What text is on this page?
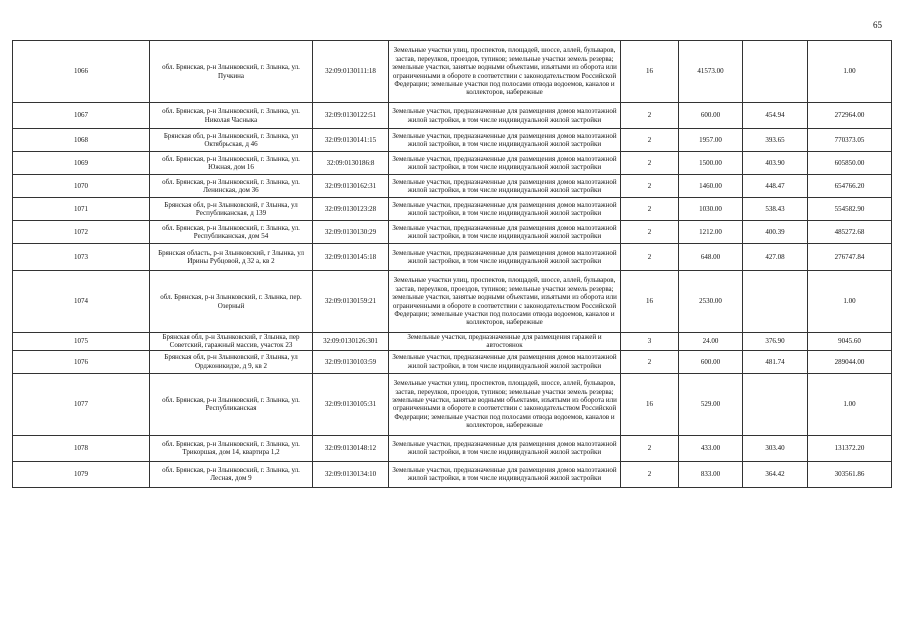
65
1066	обл. Брянская, р-н Злынковский, г. Злынка, ул. Пучкина	32:09:0130111:18	Земельные участки улиц, проспектов, площадей, шоссе, аллей, бульваров, застав, переулков, проездов, тупиков; земельные участки земель резерва; земельные участки, занятые водными объектами, изъятыми из оборота или ограниченными в обороте в соответствии с законодательством Российской Федерации; земельные участки под полосами отвода водоемов, каналов и коллекторов, набережные	16	41573.00		1.00
1067	обл. Брянская, р-н Злынковский, г. Злынка, ул. Николая Часныка	32:09:0130122:51	Земельные участки, предназначенные для размещения домов малоэтажной жилой застройки, в том числе индивидуальной жилой застройки	2	600.00	454.94	272964.00
1068	Брянская обл, р-н Злынковский, г. Злынка, ул Октябрьская, д 46	32:09:0130141:15	Земельные участки, предназначенные для размещения домов малоэтажной жилой застройки, в том числе индивидуальной жилой застройки	2	1957.00	393.65	770373.05
1069	обл. Брянская, р-н Злынковский, г. Злынка, ул. Южная, дом 16	32:09:0130186:8	Земельные участки, предназначенные для размещения домов малоэтажной жилой застройки, в том числе индивидуальной жилой застройки	2	1500.00	403.90	605850.00
1070	обл. Брянская, р-н Злынковский, г. Злынка, ул. Ленинская, дом 36	32:09:0130162:31	Земельные участки, предназначенные для размещения домов малоэтажной жилой застройки, в том числе индивидуальной жилой застройки	2	1460.00	448.47	654766.20
1071	Брянская обл, р-н Злынковский, г Злынка, ул Республиканская, д 139	32:09:0130123:28	Земельные участки, предназначенные для размещения домов малоэтажной жилой застройки, в том числе индивидуальной жилой застройки	2	1030.00	538.43	554582.90
1072	обл. Брянская, р-н Злынковский, г. Злынка, ул. Республиканская, дом 54	32:09:0130130:29	Земельные участки, предназначенные для размещения домов малоэтажной жилой застройки, в том числе индивидуальной жилой застройки	2	1212.00	400.39	485272.68
1073	Брянская область, р-н Злынковский, г Злынка, ул Ирины Рубцовой, д 32 а, кв 2	32:09:0130145:18	Земельные участки, предназначенные для размещения домов малоэтажной жилой застройки, в том числе индивидуальной жилой застройки	2	648.00	427.08	276747.84
1074	обл. Брянская, р-н Злынковский, г. Злынка, пер. Озерный	32:09:0130159:21	Земельные участки улиц, проспектов, площадей, шоссе, аллей, бульваров, застав, переулков, проездов, тупиков; земельные участки земель резерва; земельные участки, занятые водными объектами, изъятыми из оборота или ограниченными в обороте в соответствии с законодательством Российской Федерации; земельные участки под полосами отвода водоемов, каналов и коллекторов, набережные	16	2530.00		1.00
1075	Брянская обл, р-н Злынковский, г Злынка, пер Советский, гаражный массив, участок 23	32:09:0130126:301	Земельные участки, предназначенные для размещения гаражей и автостоянок	3	24.00	376.90	9045.60
1076	Брянская обл, р-н Злынковский, г Злынка, ул Орджоникидзе, д 9, кв 2	32:09:0130103:59	Земельные участки, предназначенные для размещения домов малоэтажной жилой застройки, в том числе индивидуальной жилой застройки	2	600.00	481.74	289044.00
1077	обл. Брянская, р-н Злынковский, г. Злынка, ул. Республиканская	32:09:0130105:31	Земельные участки улиц, проспектов, площадей, шоссе, аллей, бульваров, застав, переулков, проездов, тупиков; земельные участки земель резерва; земельные участки, занятые водными объектами, изъятыми из оборота или ограниченными в обороте в соответствии с законодательством Российской Федерации; земельные участки под полосами отвода водоемов, каналов и коллекторов, набережные	16	529.00		1.00
1078	обл. Брянская, р-н Злынковский, г. Злынка, ул. Трикоршая, дом 14, квартира 1,2	32:09:0130148:12	Земельные участки, предназначенные для размещения домов малоэтажной жилой застройки, в том числе индивидуальной жилой застройки	2	433.00	303.40	131372.20
1079	обл. Брянская, р-н Злынковский, г. Злынка, ул. Лесная, дом 9	32:09:0130134:10	Земельные участки, предназначенные для размещения домов малоэтажной жилой застройки, в том числе индивидуальной жилой застройки	2	833.00	364.42	303561.86
